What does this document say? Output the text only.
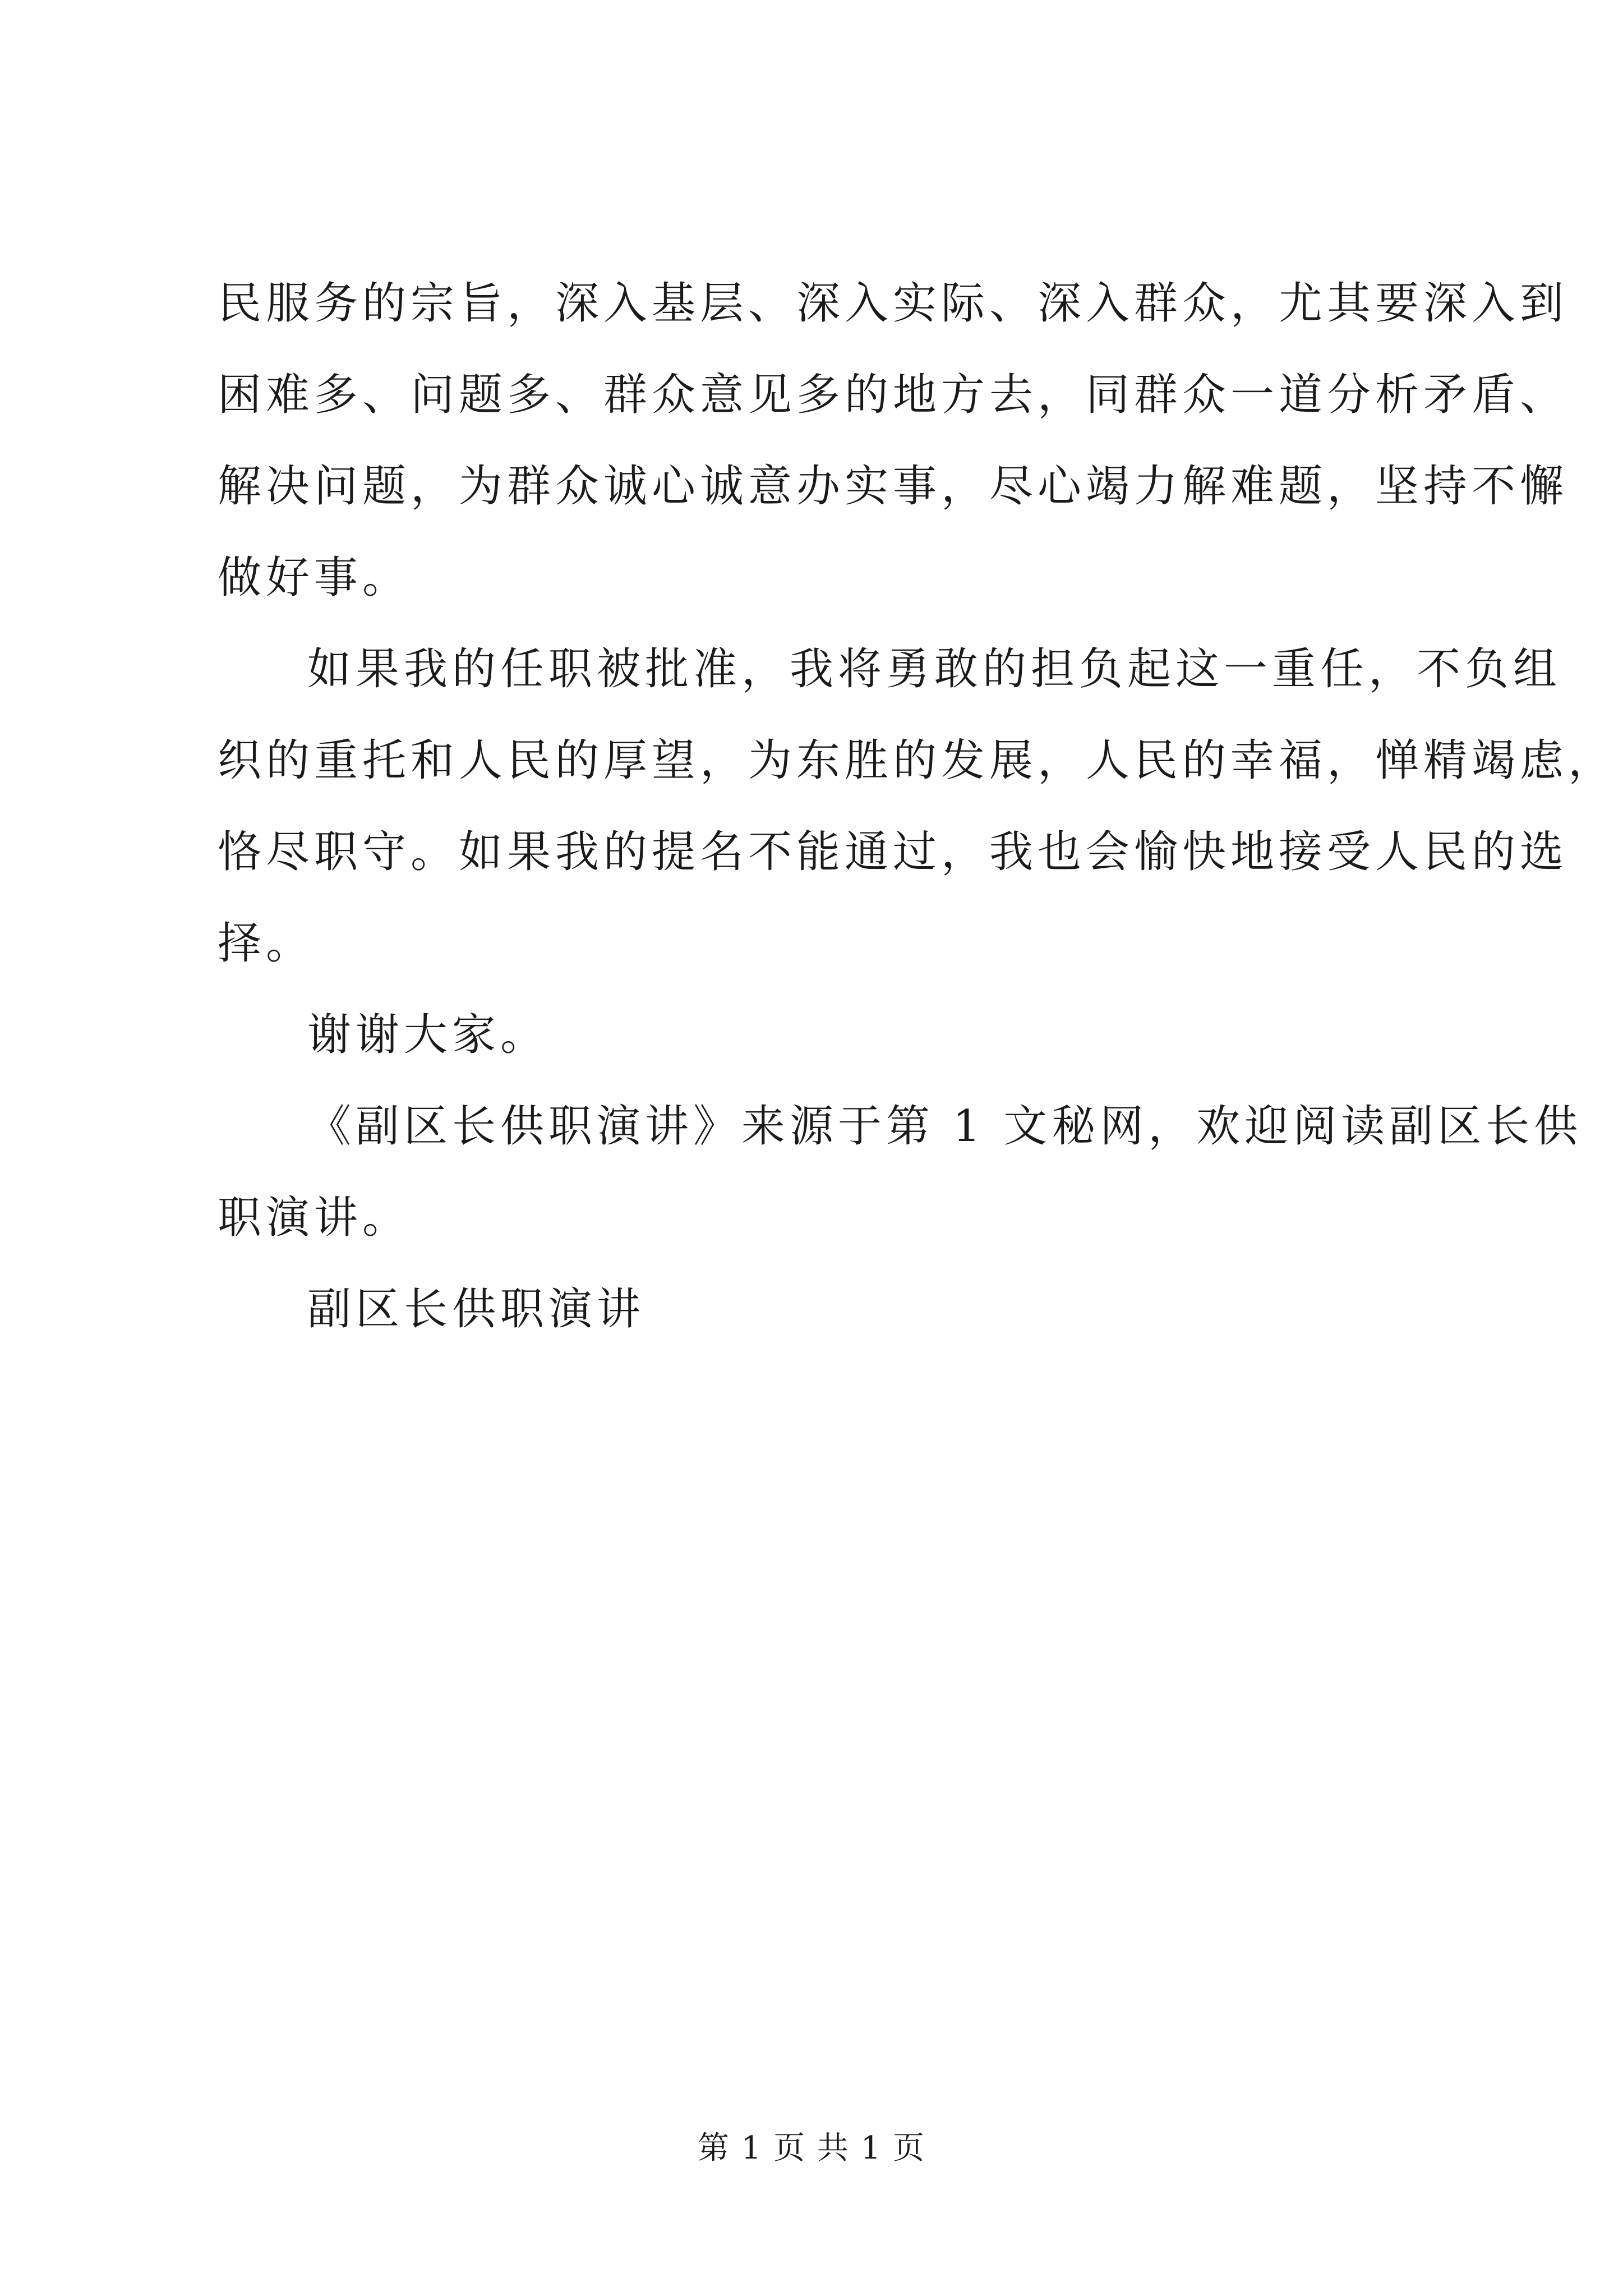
民服务的宗旨，深入基层、深入实际、深入群众，尤其要深入到
困难多、问题多、群众意见多的地方去，同群众一道分析矛盾、
解决问题，为群众诚心诚意办实事，尽心竭力解难题，坚持不懈
做好事。
如果我的任职被批准，我将勇敢的担负起这一重任，不负组
织的重托和人民的厚望，为东胜的发展，人民的幸福，惮精竭虑，
恪尽职守。如果我的提名不能通过，我也会愉快地接受人民的选
择。
谢谢大家。
《副区长供职演讲》来源于第 1 文秘网，欢迎阅读副区长供
职演讲。
副区长供职演讲
第 1 页 共 1 页
